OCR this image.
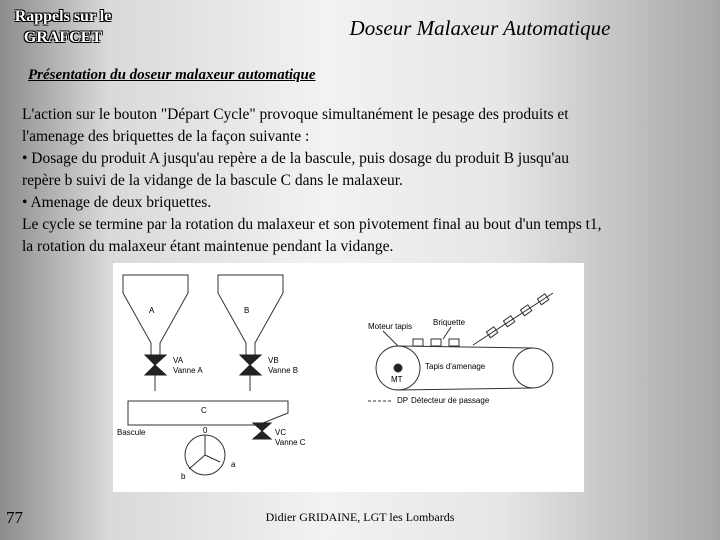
Rappels sur le
GRAFCET	Doseur Malaxeur Automatique
Présentation du doseur malaxeur automatique
L'action sur le bouton "Départ Cycle" provoque simultanément le pesage des produits et
l'amenage des briquettes de la façon suivante :
• Dosage du produit A jusqu'au repère a de la bascule, puis dosage du produit B jusqu'au
repère b suivi de la vidange de la bascule C dans le malaxeur.
• Amenage de deux briquettes.
Le cycle se termine par la rotation du malaxeur et son pivotement final au bout d'un temps t1,
la rotation du malaxeur étant maintenue pendant la vidange.
A	B
VA
Vanne A
VB
Vanne B
C
Bascule	VC
Vanne C
0
a
b
Moteur tapis	Briquette
MT
Tapis d'amenage
DP Détecteur de passage
77	Didier GRIDAINE, LGT les Lombards
